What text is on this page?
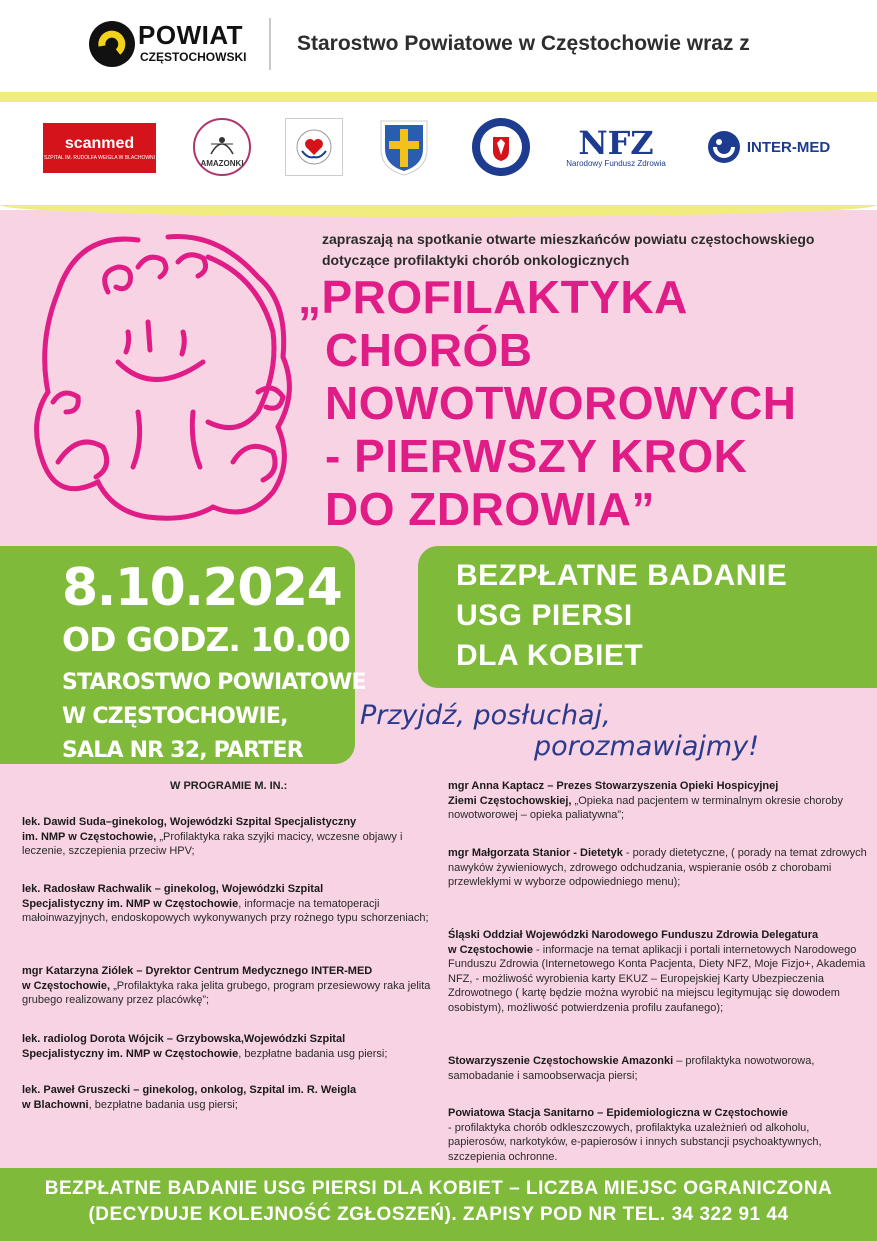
POWIAT
CZĘSTOCHOWSKI
Starostwo Powiatowe w Częstochowie wraz z
scanmed
SZPITAL IM. RUDOLFA WEIGLA W BLACHOWNI
AMAZONKI
NFZ
Narodowy Fundusz Zdrowia
INTER-MED
zapraszają na spotkanie otwarte mieszkańców powiatu częstochowskiego
dotyczące profilaktyki chorób onkologicznych
„PROFILAKTYKA
CHORÓB
NOWOTWOROWYCH
- PIERWSZY KROK
DO ZDROWIA”
8.10.2024
OD GODZ. 10.00
STAROSTWO POWIATOWE
W CZĘSTOCHOWIE,
SALA NR 32, PARTER
BEZPŁATNE BADANIE
USG PIERSI
DLA KOBIET
Przyjdź, posłuchaj,
porozmawiajmy!
W PROGRAMIE M. IN.:
lek. Dawid Suda–ginekolog, Wojewódzki Szpital Specjalistyczny
im. NMP w Częstochowie, „Profilaktyka raka szyjki macicy, wczesne objawy i leczenie, szczepienia przeciw HPV;
lek. Radosław Rachwalik – ginekolog, Wojewódzki Szpital
Specjalistyczny im. NMP w Częstochowie, informacje na tematoperacji małoinwazyjnych, endoskopowych wykonywanych przy rożnego typu schorzeniach;
mgr Katarzyna Ziólek – Dyrektor Centrum Medycznego INTER-MED
w Częstochowie, „Profilaktyka raka jelita grubego, program przesiewowy raka jelita grubego realizowany przez placówkę”;
lek. radiolog Dorota Wójcik – Grzybowska,Wojewódzki Szpital
Specjalistyczny im. NMP w Częstochowie, bezpłatne badania usg piersi;
lek. Paweł Gruszecki – ginekolog, onkolog, Szpital im. R. Weigla
w Blachowni, bezpłatne badania usg piersi;
mgr Anna Kaptacz – Prezes Stowarzyszenia Opieki Hospicyjnej
Ziemi Częstochowskiej, „Opieka nad pacjentem w terminalnym okresie choroby nowotworowej – opieka paliatywna”;
mgr Małgorzata Stanior - Dietetyk - porady dietetyczne, ( porady na temat zdrowych nawyków żywieniowych, zdrowego odchudzania, wspieranie osób z chorobami przewlekłymi w wyborze odpowiedniego menu);
Śląski Oddział Wojewódzki Narodowego Funduszu Zdrowia Delegatura
w Częstochowie - informacje na temat aplikacji i portali internetowych Narodowego Funduszu Zdrowia (Internetowego Konta Pacjenta, Diety NFZ, Moje Fizjo+, Akademia NFZ, - możliwość wyrobienia karty EKUZ – Europejskiej Karty Ubezpieczenia Zdrowotnego ( kartę będzie można wyrobić na miejscu legitymując się dowodem osobistym), możliwość potwierdzenia profilu zaufanego);
Stowarzyszenie Częstochowskie Amazonki – profilaktyka nowotworowa, samobadanie i samoobserwacja piersi;
Powiatowa Stacja Sanitarno – Epidemiologiczna w Częstochowie
- profilaktyka chorób odkleszczowych, profilaktyka uzależnień od alkoholu, papierosów, narkotyków, e-papierosów i innych substancji psychoaktywnych, szczepienia ochronne.
BEZPŁATNE BADANIE USG PIERSI DLA KOBIET – LICZBA MIEJSC OGRANICZONA
(DECYDUJE KOLEJNOŚĆ ZGŁOSZEŃ). ZAPISY POD NR TEL. 34 322 91 44
